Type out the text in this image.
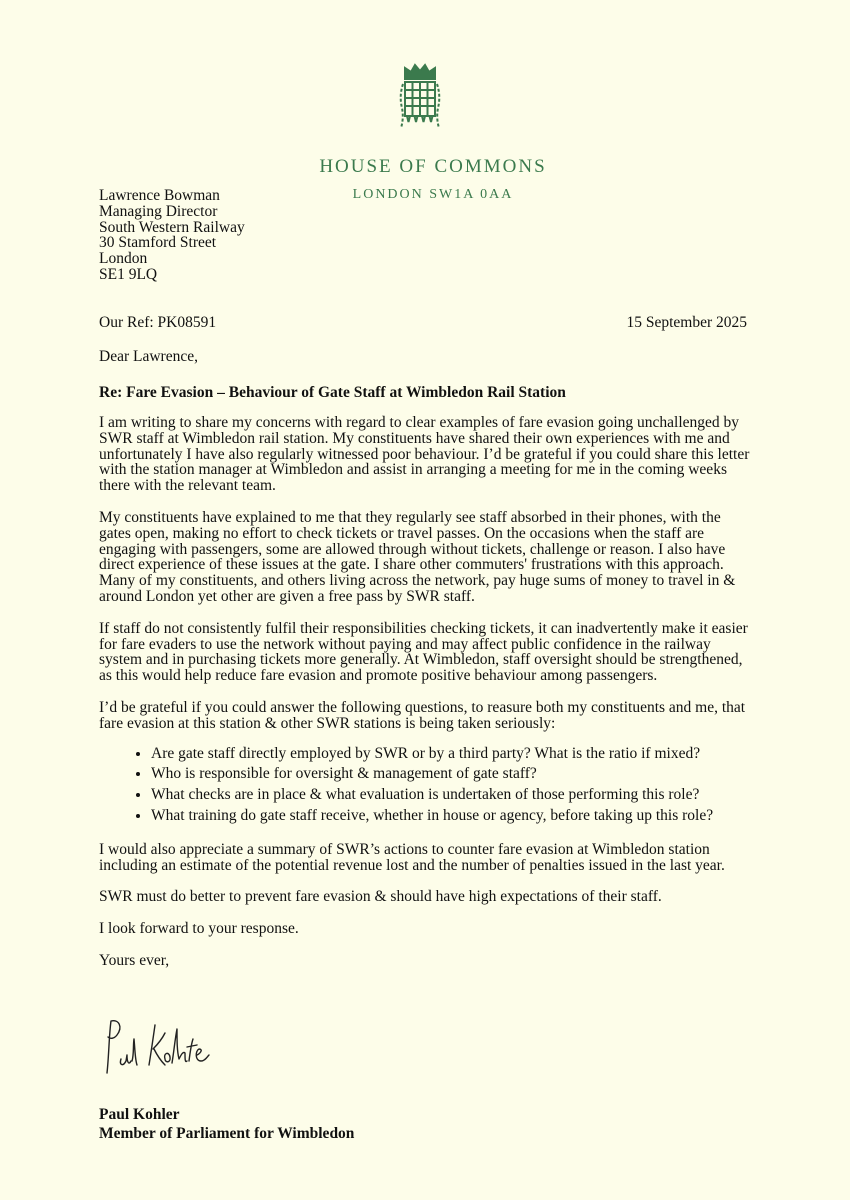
HOUSE OF COMMONS
LONDON SW1A 0AA
Lawrence Bowman
Managing Director
South Western Railway
30 Stamford Street
London
SE1 9LQ
Our Ref: PK08591	15 September 2025
Dear Lawrence,
Re: Fare Evasion – Behaviour of Gate Staff at Wimbledon Rail Station

I am writing to share my concerns with regard to clear examples of fare evasion going unchallenged by SWR staff at Wimbledon rail station. My constituents have shared their own experiences with me and unfortunately I have also regularly witnessed poor behaviour. I’d be grateful if you could share this letter with the station manager at Wimbledon and assist in arranging a meeting for me in the coming weeks there with the relevant team.

My constituents have explained to me that they regularly see staff absorbed in their phones, with the gates open, making no effort to check tickets or travel passes. On the occasions when the staff are engaging with passengers, some are allowed through without tickets, challenge or reason. I also have direct experience of these issues at the gate. I share other commuters' frustrations with this approach. Many of my constituents, and others living across the network, pay huge sums of money to travel in & around London yet other are given a free pass by SWR staff.

If staff do not consistently fulfil their responsibilities checking tickets, it can inadvertently make it easier for fare evaders to use the network without paying and may affect public confidence in the railway system and in purchasing tickets more generally. At Wimbledon, staff oversight should be strengthened, as this would help reduce fare evasion and promote positive behaviour among passengers.

I’d be grateful if you could answer the following questions, to reasure both my constituents and me, that fare evasion at this station & other SWR stations is being taken seriously:

• Are gate staff directly employed by SWR or by a third party? What is the ratio if mixed?
• Who is responsible for oversight & management of gate staff?
• What checks are in place & what evaluation is undertaken of those performing this role?
• What training do gate staff receive, whether in house or agency, before taking up this role?

I would also appreciate a summary of SWR’s actions to counter fare evasion at Wimbledon station including an estimate of the potential revenue lost and the number of penalties issued in the last year.

SWR must do better to prevent fare evasion & should have high expectations of their staff.

I look forward to your response.

Yours ever,

Paul Kohler
Member of Parliament for Wimbledon
